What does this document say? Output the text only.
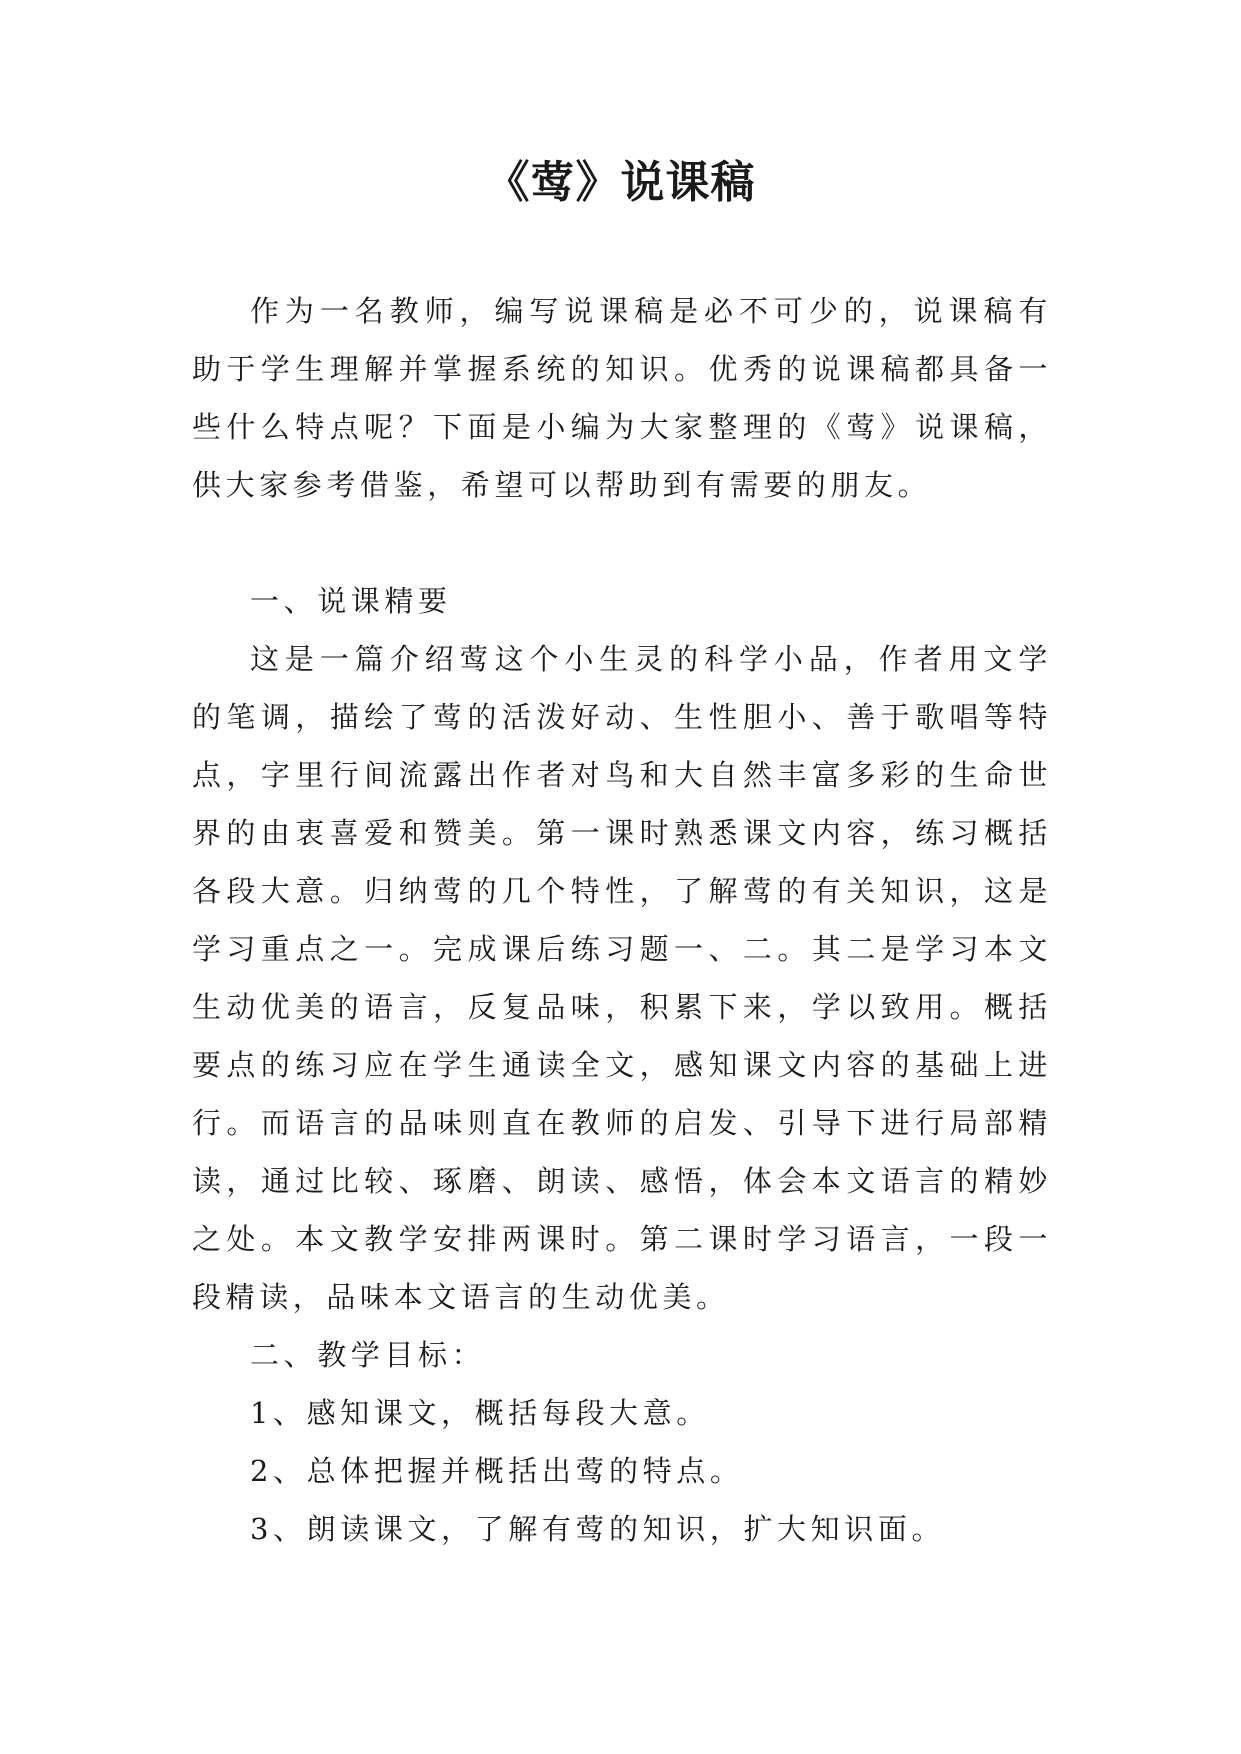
《莺》说课稿

作为一名教师，编写说课稿是必不可少的，说课稿有助于学生理解并掌握系统的知识。优秀的说课稿都具备一些什么特点呢？下面是小编为大家整理的《莺》说课稿，供大家参考借鉴，希望可以帮助到有需要的朋友。

一、说课精要

这是一篇介绍莺这个小生灵的科学小品，作者用文学的笔调，描绘了莺的活泼好动、生性胆小、善于歌唱等特点，字里行间流露出作者对鸟和大自然丰富多彩的生命世界的由衷喜爱和赞美。第一课时熟悉课文内容，练习概括各段大意。归纳莺的几个特性，了解莺的有关知识，这是学习重点之一。完成课后练习题一、二。其二是学习本文生动优美的语言，反复品味，积累下来，学以致用。概括要点的练习应在学生通读全文，感知课文内容的基础上进行。而语言的品味则直在教师的启发、引导下进行局部精读，通过比较、琢磨、朗读、感悟，体会本文语言的精妙之处。本文教学安排两课时。第二课时学习语言，一段一段精读，品味本文语言的生动优美。

二、教学目标：

1、感知课文，概括每段大意。

2、总体把握并概括出莺的特点。

3、朗读课文，了解有莺的知识，扩大知识面。
